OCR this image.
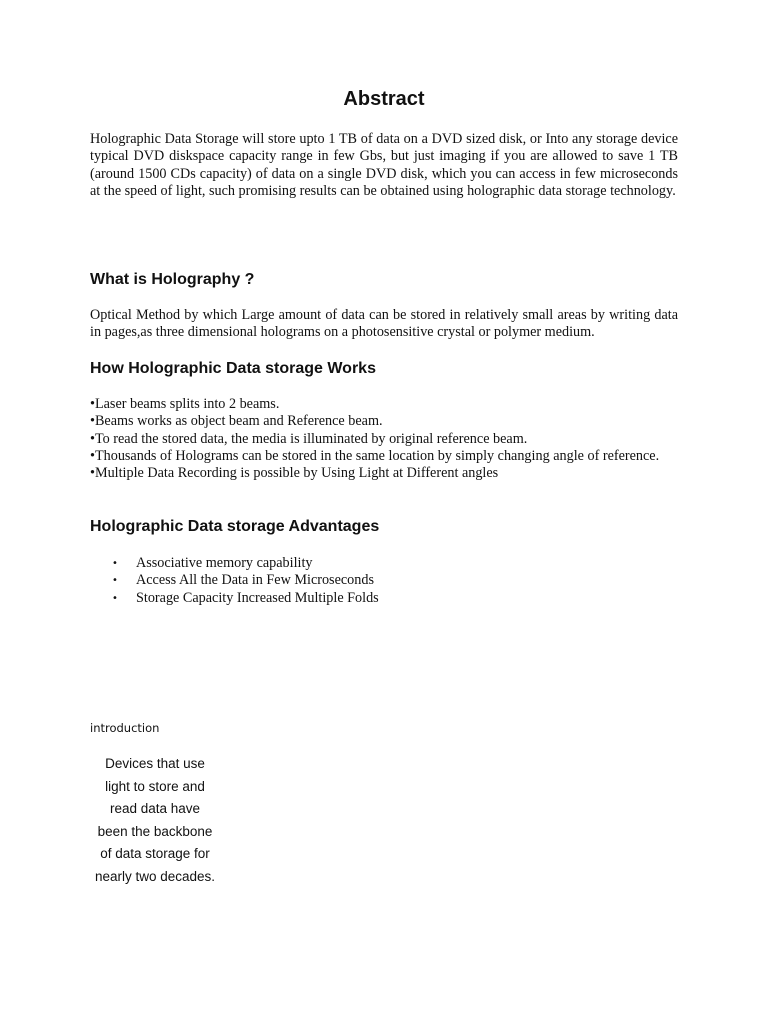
Abstract

Holographic Data Storage will store upto 1 TB of data on a DVD sized disk, or Into any storage device typical DVD diskspace capacity range in few Gbs, but just imaging if you are allowed to save 1 TB (around 1500 CDs capacity) of data on a single DVD disk, which you can access in few microseconds at the speed of light, such promising results can be obtained using holographic data storage technology.

What is Holography ?

Optical Method by which Large amount of data can be stored in relatively small areas by writing data in pages,as three dimensional holograms on a photosensitive crystal or polymer medium.

How Holographic Data storage Works
•Laser beams splits into 2 beams.
•Beams works as object beam and Reference beam.
•To read the stored data, the media is illuminated by original reference beam.
•Thousands of Holograms can be stored in the same location by simply changing angle of reference.
•Multiple Data Recording is possible by Using Light at Different angles
Holographic Data storage Advantages
• Associative memory capability
• Access All the Data in Few Microseconds
• Storage Capacity Increased Multiple Folds

introduction

Devices that use
light to store and
read data have
been the backbone
of data storage for
nearly two decades.
